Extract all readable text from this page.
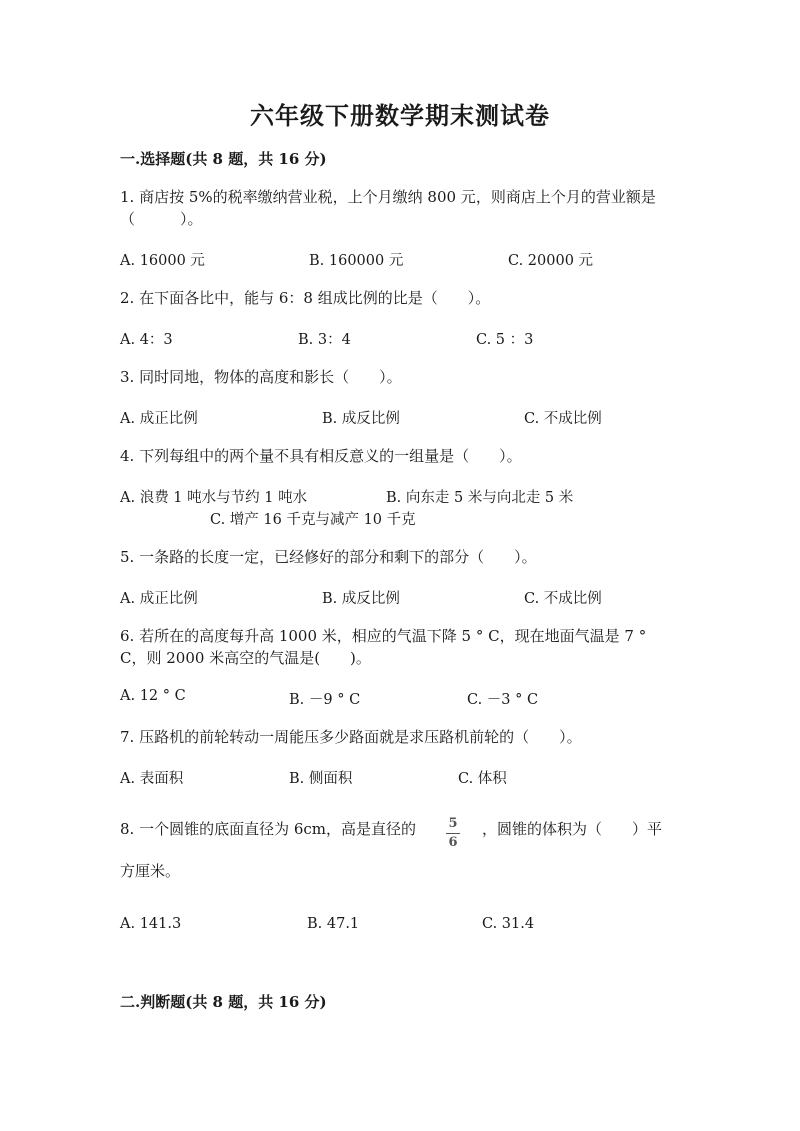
六年级下册数学期末测试卷
一.选择题(共 8 题，共 16 分)
1. 商店按 5%的税率缴纳营业税，上个月缴纳 800 元，则商店上个月的营业额是（　　　）。
A. 16000 元	B. 160000 元	C. 20000 元
2. 在下面各比中，能与 6：8 组成比例的比是（　　）。
A. 4：3	B. 3：4	C. 5 ：3
3. 同时同地，物体的高度和影长（　　）。
A. 成正比例	B. 成反比例	C. 不成比例
4. 下列每组中的两个量不具有相反意义的一组量是（　　）。
A. 浪费 1 吨水与节约 1 吨水	B. 向东走 5 米与向北走 5 米
C. 增产 16 千克与减产 10 千克
5. 一条路的长度一定，已经修好的部分和剩下的部分（　　）。
A. 成正比例	B. 成反比例	C. 不成比例
6. 若所在的高度每升高 1000 米，相应的气温下降 5 ° C，现在地面气温是 7 ° C，则 2000 米高空的气温是(　　)。
A. 12 ° C	B. －9 ° C	C. －3 ° C
7. 压路机的前轮转动一周能压多少路面就是求压路机前轮的（　　）。
A. 表面积	B. 侧面积	C. 体积
8. 一个圆锥的底面直径为 6cm，高是直径的	5
6
，圆锥的体积为（　　）平
方厘米。
A. 141.3	B. 47.1	C. 31.4
二.判断题(共 8 题，共 16 分)
